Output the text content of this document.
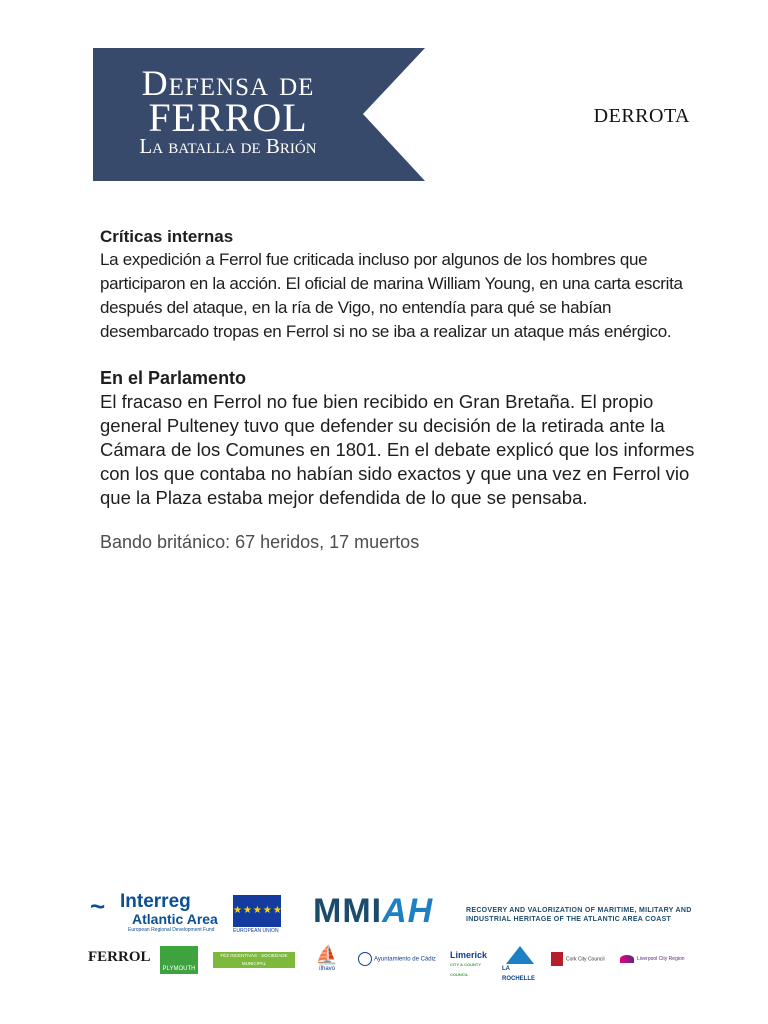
Defensa de
FERROL
La batalla de Brión
DERROTA
Críticas internas

La expedición a Ferrol fue criticada incluso por algunos de los hombres que participaron en la acción. El oficial de marina William Young, en una carta escrita después del ataque, en la ría de Vigo, no entendía para qué se habían desembarcado tropas en Ferrol si no se iba a realizar un ataque más enérgico.

En el Parlamento

El fracaso en Ferrol no fue bien recibido en Gran Bretaña. El propio general Pulteney tuvo que defender su decisión de la retirada ante la Cámara de los Comunes en 1801. En el debate explicó que los informes con los que contaba no habían sido exactos y que una vez en Ferrol vio que la Plaza estaba mejor defendida de lo que se pensaba.

Bando británico: 67 heridos, 17 muertos
~ Interreg
Atlantic Area
European Regional Development Fund
★★★★★
EUROPEAN UNION
MMIAH	RECOVERY AND VALORIZATION OF MARITIME, MILITARY AND INDUSTRIAL HERITAGE OF THE ATLANTIC AREA COAST
FERROL
PLYMOUTH
FÉZ INCENTIVAS · SOCIEDADE MUNICIPAL	⛵
ílhavo
Ayuntamiento de Cádiz	Limerick
CITY & COUNTY COUNCIL
LA ROCHELLE
Cork City Council	Liverpool City Region
